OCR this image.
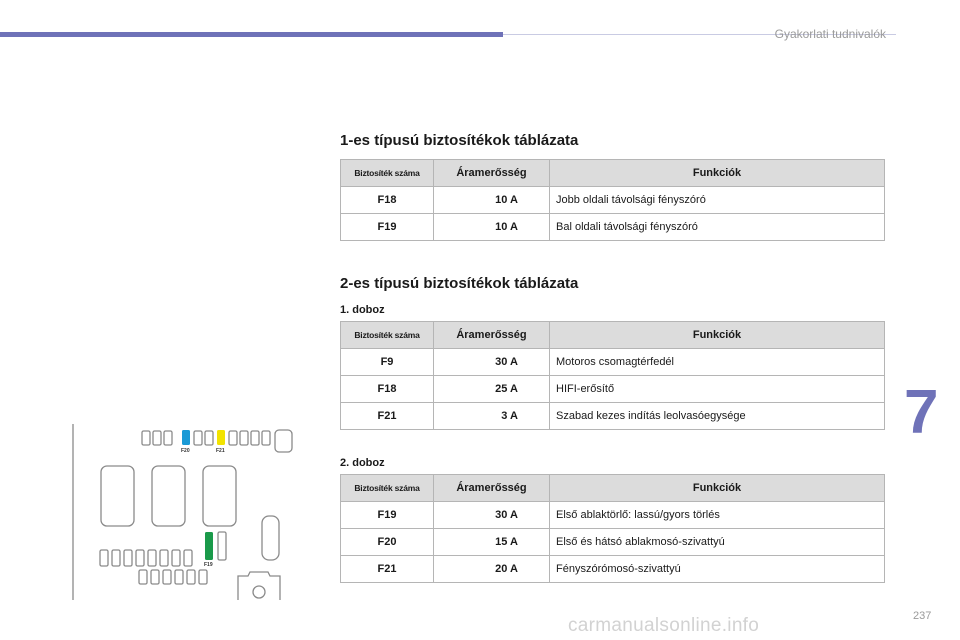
Gyakorlati tudnivalók
1-es típusú biztosítékok táblázata
Biztosíték száma	Áramerősség	Funkciók
F18	10 A	Jobb oldali távolsági fényszóró
F19	10 A	Bal oldali távolsági fényszóró
2-es típusú biztosítékok táblázata
1. doboz
Biztosíték száma	Áramerősség	Funkciók
F9	30 A	Motoros csomagtérfedél
F18	25 A	HIFI-erősítő
F21	3 A	Szabad kezes indítás leolvasóegysége
2. doboz
Biztosíték száma	Áramerősség	Funkciók
F19	30 A	Első ablaktörlő: lassú/gyors törlés
F20	15 A	Első és hátsó ablakmosó-szivattyú
F21	20 A	Fényszórómosó-szivattyú
F20	F21
F19
7
237
carmanualsonline.info
